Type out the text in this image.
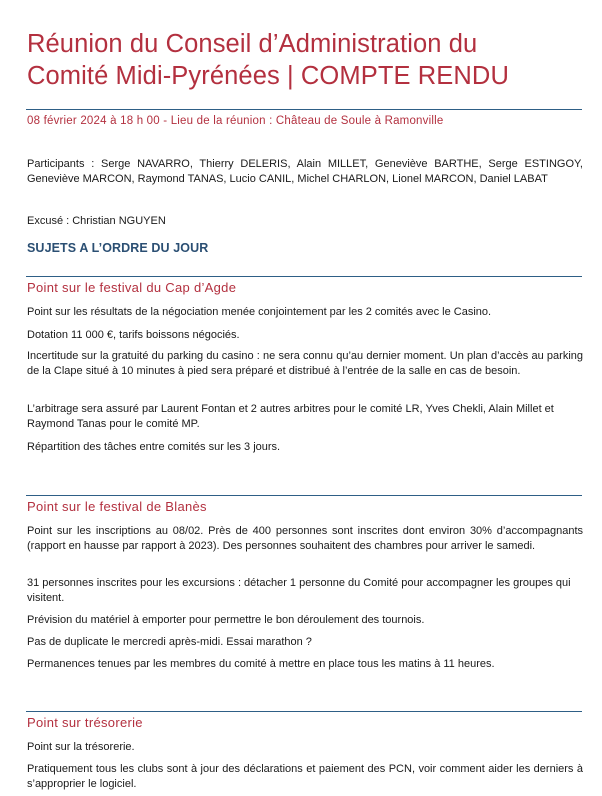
Réunion du Conseil d’Administration du
Comité Midi-Pyrénées | COMPTE RENDU
08 février 2024 à 18 h 00 - Lieu de la réunion : Château de Soule à Ramonville

Participants : Serge NAVARRO, Thierry DELERIS, Alain MILLET, Geneviève BARTHE, Serge ESTINGOY, Geneviève MARCON, Raymond TANAS, Lucio CANIL, Michel CHARLON, Lionel MARCON, Daniel LABAT

Excusé : Christian NGUYEN

SUJETS A L’ORDRE DU JOUR
Point sur le festival du Cap d’Agde

Point sur les résultats de la négociation menée conjointement par les 2 comités avec le Casino.

Dotation 11 000 €, tarifs boissons négociés.

Incertitude sur la gratuité du parking du casino : ne sera connu qu’au dernier moment. Un plan d’accès au parking de la Clape situé à 10 minutes à pied sera préparé et distribué à l’entrée de la salle en cas de besoin.

L’arbitrage sera assuré par Laurent Fontan et 2 autres arbitres pour le comité LR, Yves Chekli, Alain Millet et Raymond Tanas pour le comité MP.

Répartition des tâches entre comités sur les 3 jours.

Point sur le festival de Blanès

Point sur les inscriptions au 08/02. Près de 400 personnes sont inscrites dont environ 30% d’accompagnants (rapport en hausse par rapport à 2023). Des personnes souhaitent des chambres pour arriver le samedi.

31 personnes inscrites pour les excursions : détacher 1 personne du Comité pour accompagner les groupes qui visitent.

Prévision du matériel à emporter pour permettre le bon déroulement des tournois.

Pas de duplicate le mercredi après-midi. Essai marathon ?

Permanences tenues par les membres du comité à mettre en place tous les matins à 11 heures.

Point sur trésorerie

Point sur la trésorerie.

Pratiquement tous les clubs sont à jour des déclarations et paiement des PCN, voir comment aider les derniers à s’approprier le logiciel.
